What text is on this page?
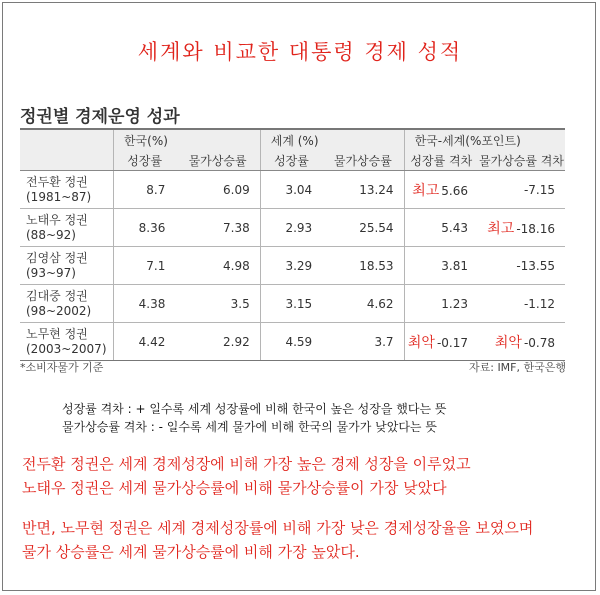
세계와 비교한 대통령 경제 성적
정권별 경제운영 성과
	한국(%)		세계 (%)		한국-세계(%포인트)	
	성장률	물가상승률	성장률	물가상승률	성장률 격차	물가상승률 격차
전두환 정권
(1981~87)	8.7	6.09	3.04	13.24	최고 5.66	-7.15
노태우 정권
(88~92)	8.36	7.38	2.93	25.54	5.43	최고 -18.16
김영삼 정권
(93~97)	7.1	4.98	3.29	18.53	3.81	-13.55
김대중 정권
(98~2002)	4.38	3.5	3.15	4.62	1.23	-1.12
노무현 정권
(2003~2007)	4.42	2.92	4.59	3.7	최악 -0.17	최악 -0.78
*소비자물가 기준	자료: IMF, 한국은행
성장률 격차 : + 일수록 세계 성장률에 비해 한국이 높은 성장을 했다는 뜻
물가상승률 격차 : - 일수록 세계 물가에 비해 한국의 물가가 낮았다는 뜻
전두환 정권은 세계 경제성장에 비해 가장 높은 경제 성장을 이루었고
노태우 정권은 세계 물가상승률에 비해 물가상승률이 가장 낮았다
반면, 노무현 정권은 세계 경제성장률에 비해 가장 낮은 경제성장율을 보였으며
물가 상승률은 세계 물가상승률에 비해 가장 높았다.
